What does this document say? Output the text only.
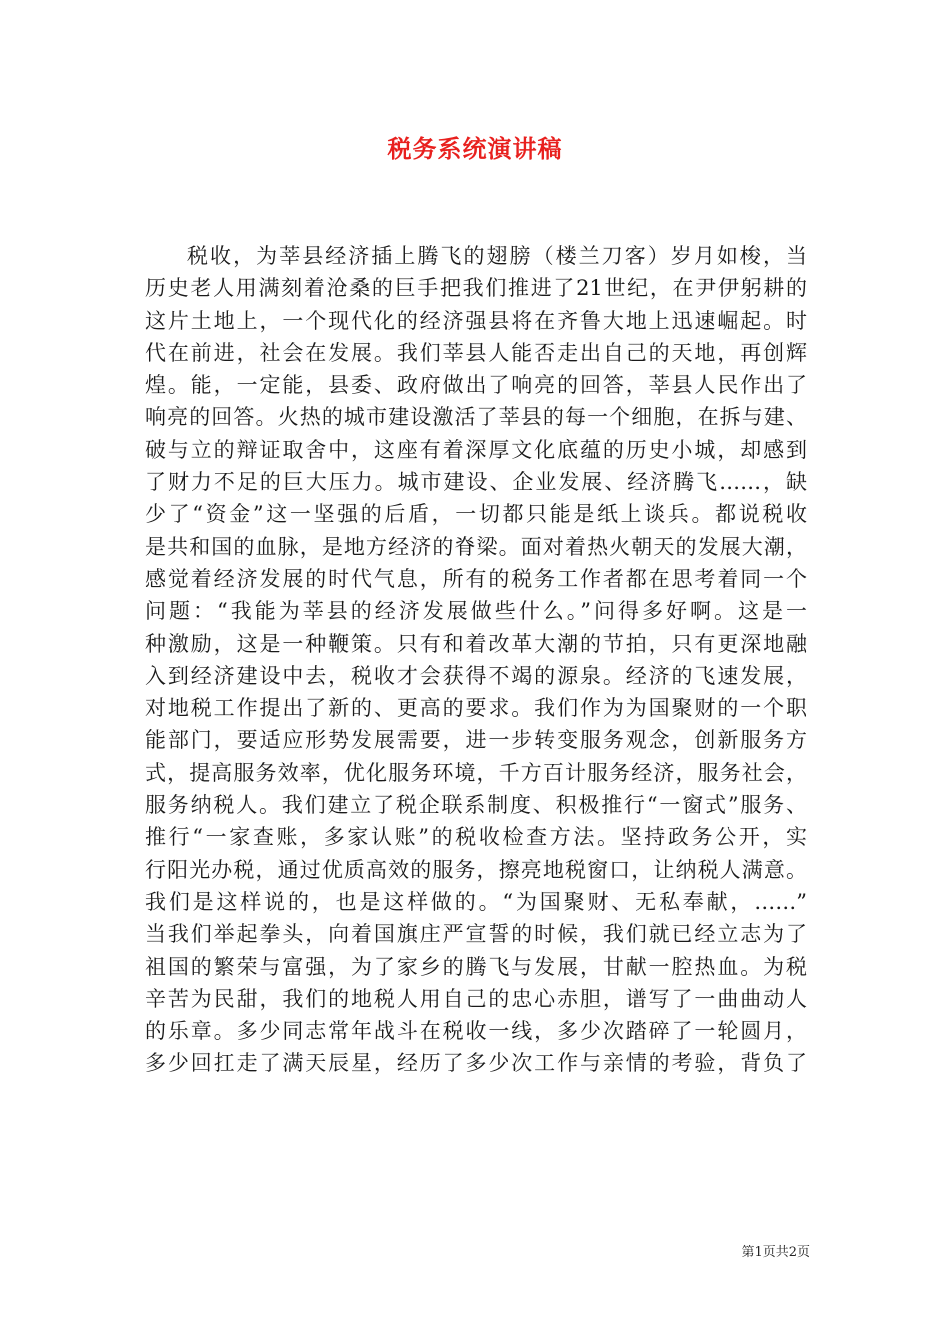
税务系统演讲稿
税收，为莘县经济插上腾飞的翅膀（楼兰刀客）岁月如梭，当
历史老人用满刻着沧桑的巨手把我们推进了21世纪，在尹伊躬耕的
这片土地上，一个现代化的经济强县将在齐鲁大地上迅速崛起。时
代在前进，社会在发展。我们莘县人能否走出自己的天地，再创辉
煌。能，一定能，县委、政府做出了响亮的回答，莘县人民作出了
响亮的回答。火热的城市建设激活了莘县的每一个细胞，在拆与建、
破与立的辩证取舍中，这座有着深厚文化底蕴的历史小城，却感到
了财力不足的巨大压力。城市建设、企业发展、经济腾飞……，缺
少了“资金”这一坚强的后盾，一切都只能是纸上谈兵。都说税收
是共和国的血脉，是地方经济的脊梁。面对着热火朝天的发展大潮，
感觉着经济发展的时代气息，所有的税务工作者都在思考着同一个
问题：“我能为莘县的经济发展做些什么。”问得多好啊。这是一
种激励，这是一种鞭策。只有和着改革大潮的节拍，只有更深地融
入到经济建设中去，税收才会获得不竭的源泉。经济的飞速发展，
对地税工作提出了新的、更高的要求。我们作为为国聚财的一个职
能部门，要适应形势发展需要，进一步转变服务观念，创新服务方
式，提高服务效率，优化服务环境，千方百计服务经济，服务社会，
服务纳税人。我们建立了税企联系制度、积极推行“一窗式”服务、
推行“一家查账，多家认账”的税收检查方法。坚持政务公开，实
行阳光办税，通过优质高效的服务，擦亮地税窗口，让纳税人满意。
我们是这样说的，也是这样做的。“为国聚财、无私奉献，……”
当我们举起拳头，向着国旗庄严宣誓的时候，我们就已经立志为了
祖国的繁荣与富强，为了家乡的腾飞与发展，甘献一腔热血。为税
辛苦为民甜，我们的地税人用自己的忠心赤胆，谱写了一曲曲动人
的乐章。多少同志常年战斗在税收一线，多少次踏碎了一轮圆月，
多少回扛走了满天辰星，经历了多少次工作与亲情的考验，背负了
第1页共2页
